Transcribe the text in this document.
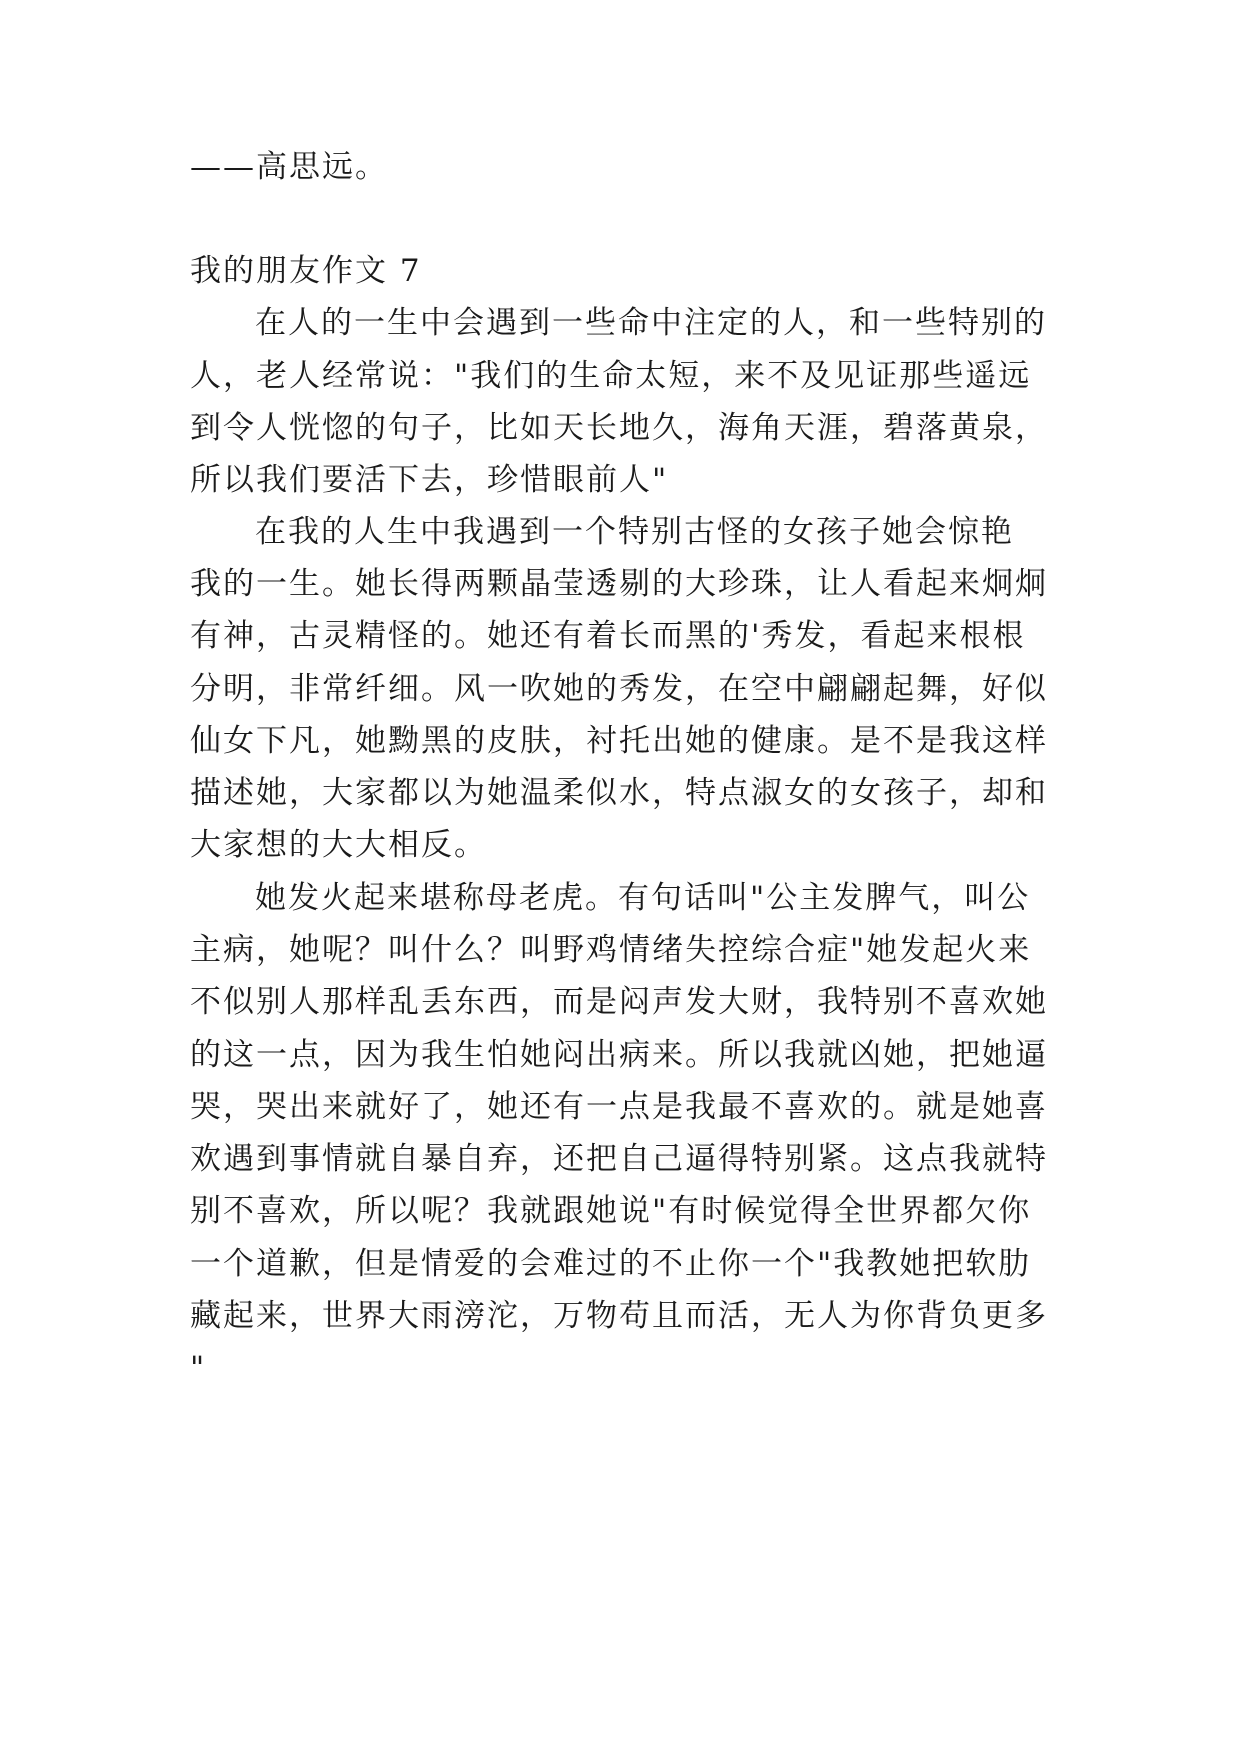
——高思远。
我的朋友作文 7
在人的一生中会遇到一些命中注定的人，和一些特别的
人，老人经常说："我们的生命太短，来不及见证那些遥远
到令人恍惚的句子，比如天长地久，海角天涯，碧落黄泉，
所以我们要活下去，珍惜眼前人"
在我的人生中我遇到一个特别古怪的女孩子她会惊艳
我的一生。她长得两颗晶莹透剔的大珍珠，让人看起来炯炯
有神，古灵精怪的。她还有着长而黑的'秀发，看起来根根
分明，非常纤细。风一吹她的秀发，在空中翩翩起舞，好似
仙女下凡，她黝黑的皮肤，衬托出她的健康。是不是我这样
描述她，大家都以为她温柔似水，特点淑女的女孩子，却和
大家想的大大相反。
她发火起来堪称母老虎。有句话叫"公主发脾气，叫公
主病，她呢？叫什么？叫野鸡情绪失控综合症"她发起火来
不似别人那样乱丢东西，而是闷声发大财，我特别不喜欢她
的这一点，因为我生怕她闷出病来。所以我就凶她，把她逼
哭，哭出来就好了，她还有一点是我最不喜欢的。就是她喜
欢遇到事情就自暴自弃，还把自己逼得特别紧。这点我就特
别不喜欢，所以呢？我就跟她说"有时候觉得全世界都欠你
一个道歉，但是情爱的会难过的不止你一个"我教她把软肋
藏起来，世界大雨滂沱，万物苟且而活，无人为你背负更多
"
